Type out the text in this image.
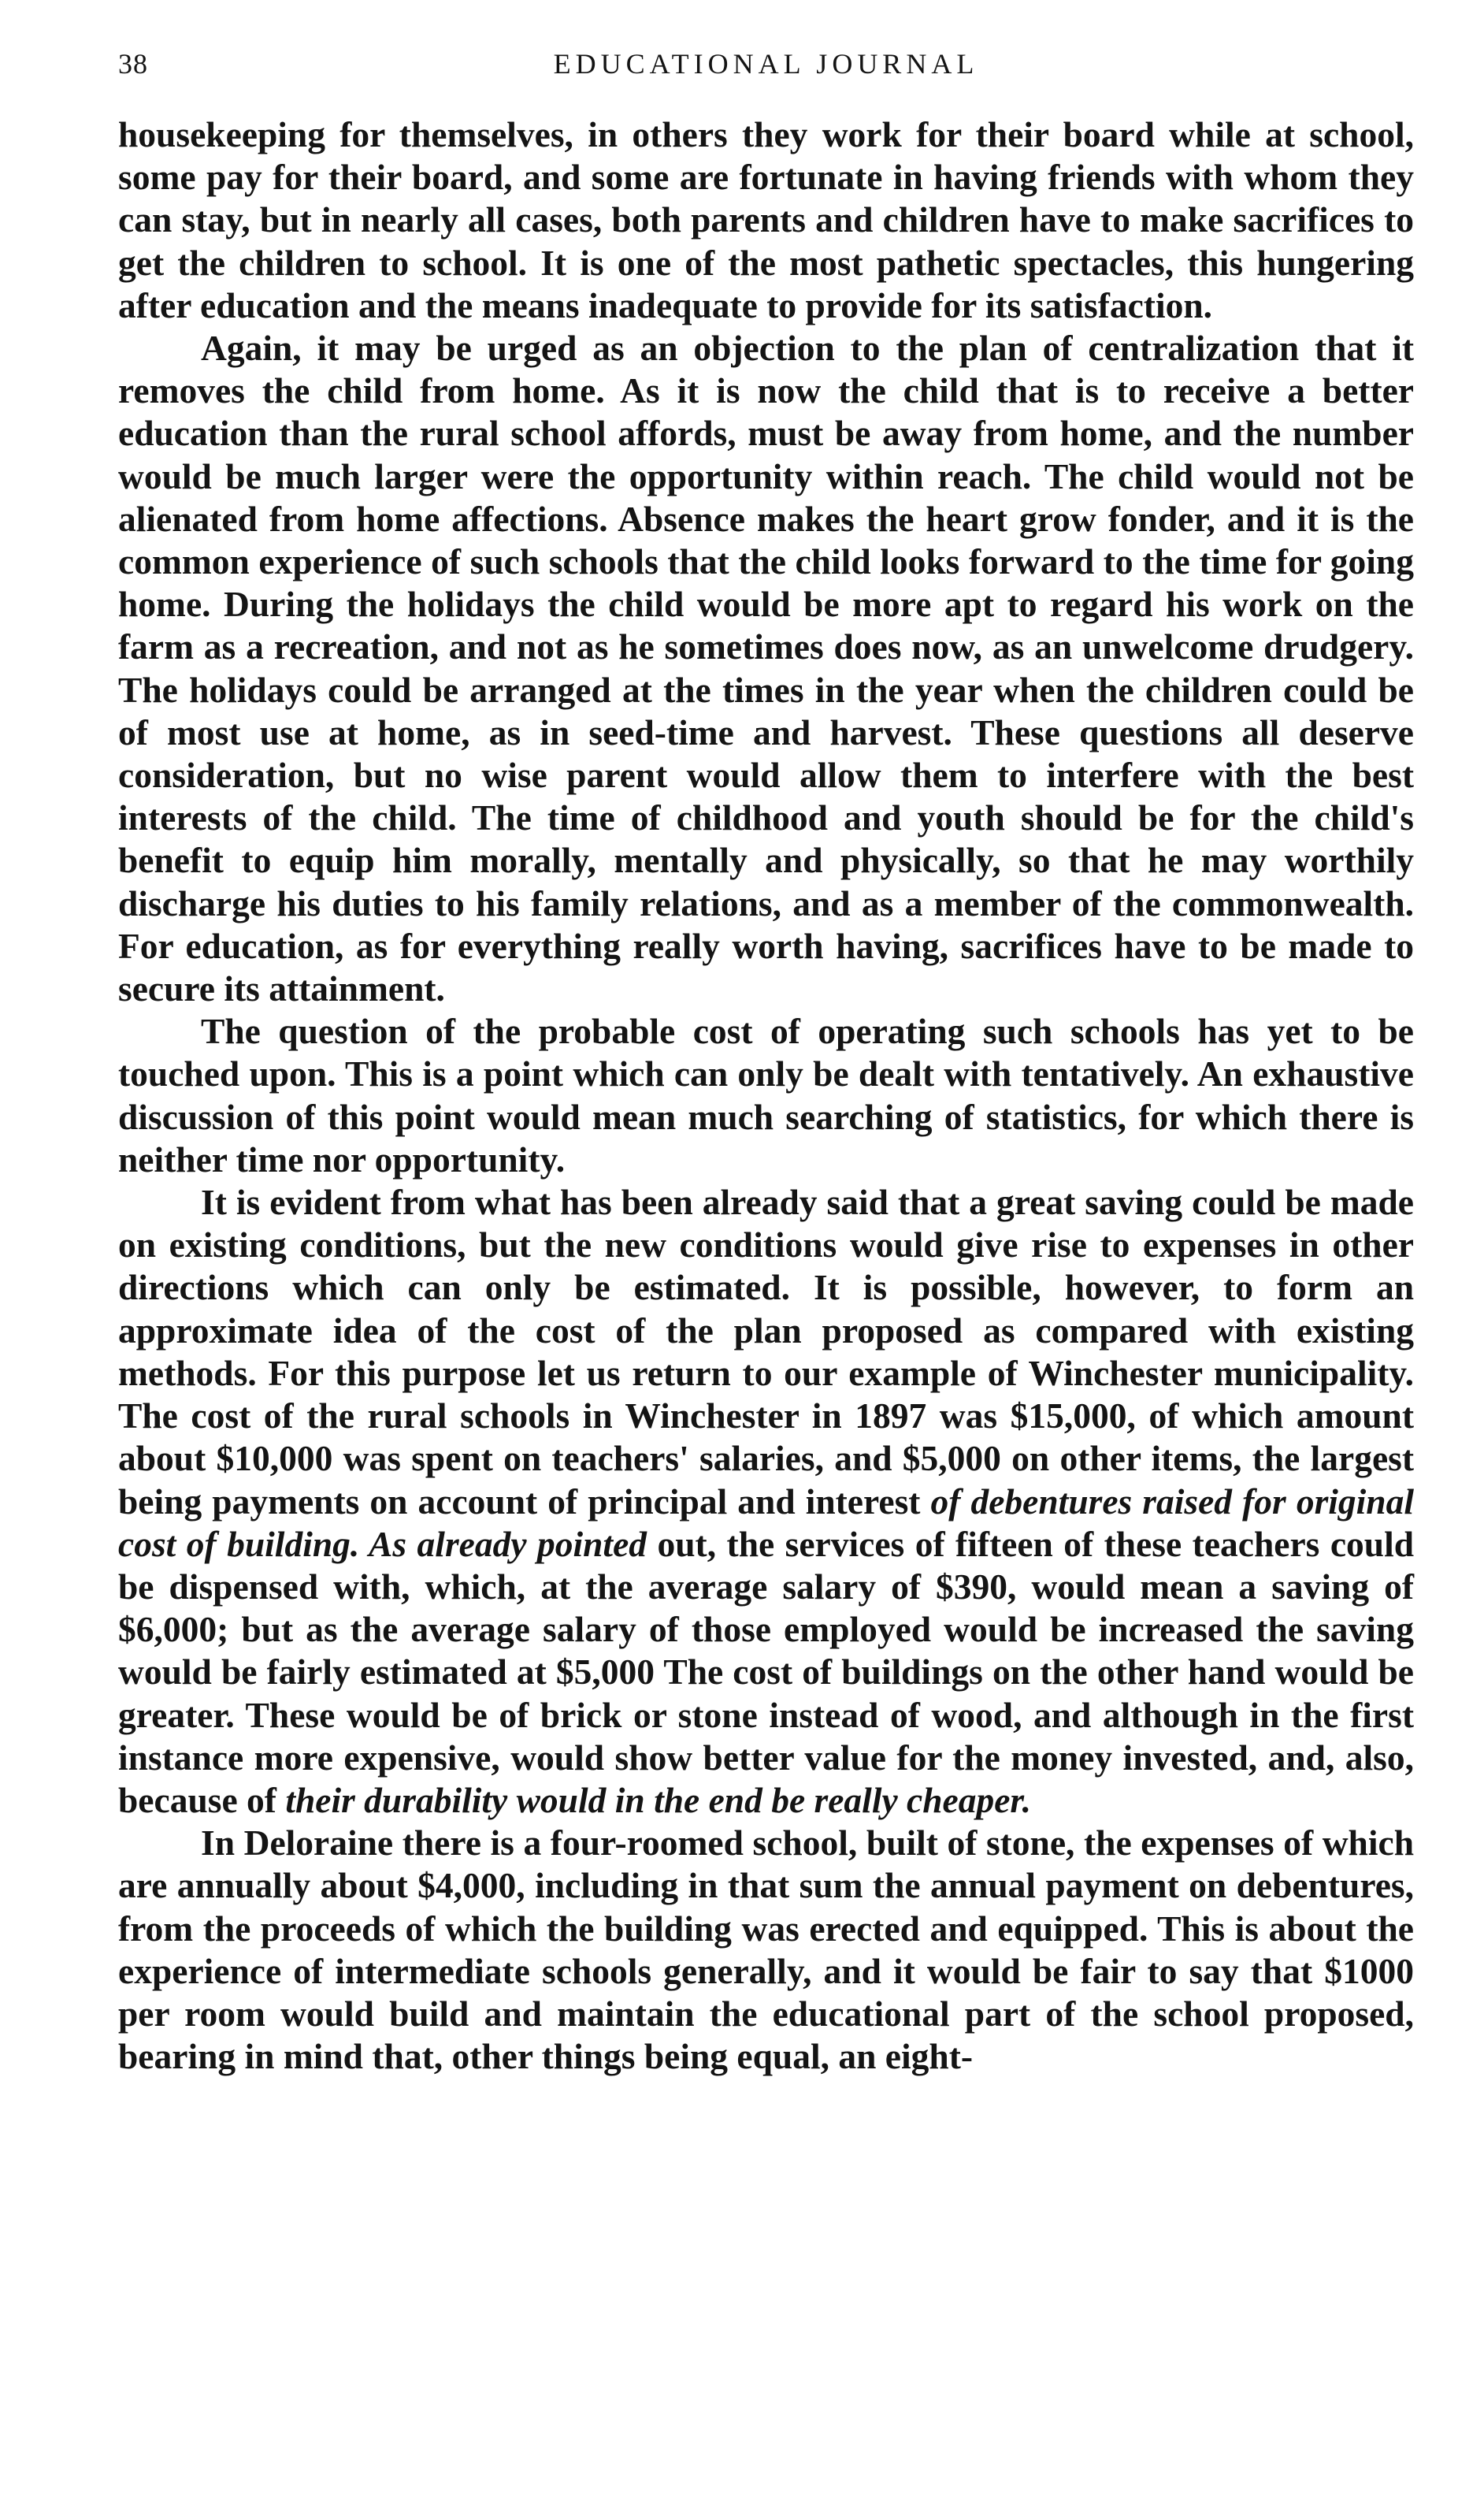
38	EDUCATIONAL JOURNAL

housekeeping for themselves, in others they work for their board while at school, some pay for their board, and some are fortunate in having friends with whom they can stay, but in nearly all cases, both parents and children have to make sacrifices to get the children to school. It is one of the most pathetic spectacles, this hungering after education and the means inadequate to provide for its satisfaction.

Again, it may be urged as an objection to the plan of centralization that it removes the child from home. As it is now the child that is to receive a better education than the rural school affords, must be away from home, and the number would be much larger were the opportunity within reach. The child would not be alienated from home affections. Absence makes the heart grow fonder, and it is the common experience of such schools that the child looks forward to the time for going home. During the holidays the child would be more apt to regard his work on the farm as a recreation, and not as he sometimes does now, as an unwelcome drudgery. The holidays could be arranged at the times in the year when the children could be of most use at home, as in seed-time and harvest. These questions all deserve consideration, but no wise parent would allow them to interfere with the best interests of the child. The time of childhood and youth should be for the child's benefit to equip him morally, mentally and physically, so that he may worthily discharge his duties to his family relations, and as a member of the commonwealth. For education, as for everything really worth having, sacrifices have to be made to secure its attainment.

The question of the probable cost of operating such schools has yet to be touched upon. This is a point which can only be dealt with tentatively. An exhaustive discussion of this point would mean much searching of statistics, for which there is neither time nor opportunity.

It is evident from what has been already said that a great saving could be made on existing conditions, but the new conditions would give rise to expenses in other directions which can only be estimated. It is possible, however, to form an approximate idea of the cost of the plan proposed as compared with existing methods. For this purpose let us return to our example of Winchester municipality. The cost of the rural schools in Winchester in 1897 was $15,000, of which amount about $10,000 was spent on teachers' salaries, and $5,000 on other items, the largest being payments on account of principal and interest of debentures raised for original cost of building. As already pointed out, the services of fifteen of these teachers could be dispensed with, which, at the average salary of $390, would mean a saving of $6,000; but as the average salary of those employed would be increased the saving would be fairly estimated at $5,000 The cost of buildings on the other hand would be greater. These would be of brick or stone instead of wood, and although in the first instance more expensive, would show better value for the money invested, and, also, because of their durability would in the end be really cheaper.

In Deloraine there is a four-roomed school, built of stone, the expenses of which are annually about $4,000, including in that sum the annual payment on debentures, from the proceeds of which the building was erected and equipped. This is about the experience of intermediate schools generally, and it would be fair to say that $1000 per room would build and maintain the educational part of the school proposed, bearing in mind that, other things being equal, an eight-
